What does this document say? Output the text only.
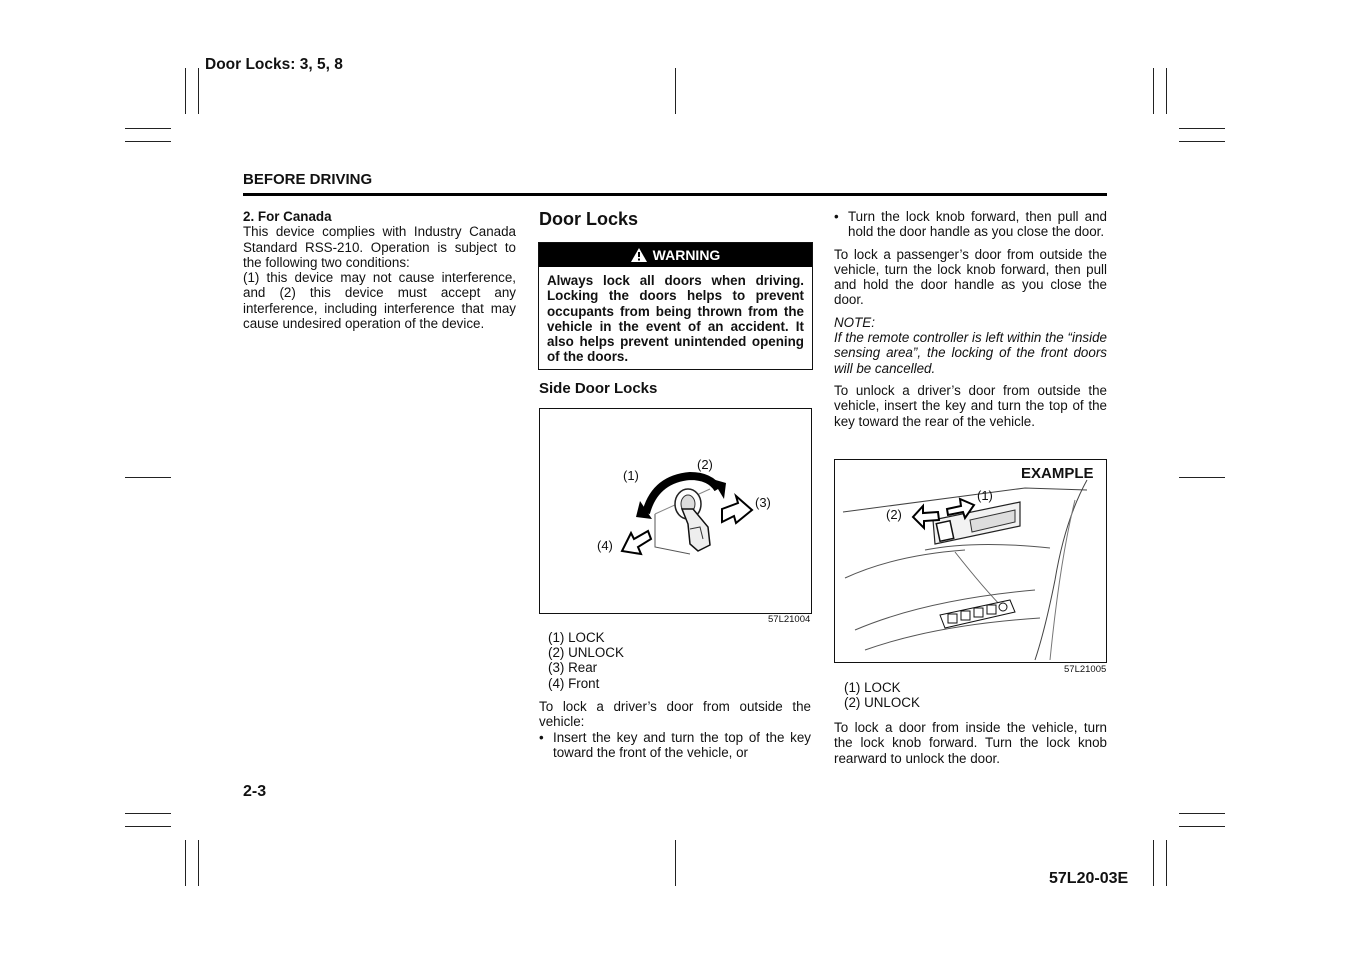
Door Locks: 3, 5, 8
BEFORE DRIVING

2. For Canada

This device complies with Industry Canada Standard RSS-210. Operation is subject to the following two conditions:

(1) this device may not cause interference, and (2) this device must accept any interference, including interference that may cause undesired operation of the device.

Door Locks
WARNING
Always lock all doors when driving. Locking the doors helps to prevent occupants from being thrown from the vehicle in the event of an accident. It also helps prevent unintended opening of the doors.
Side Door Locks
(1)
(2)
(3)
(4)
57L21004
(1) LOCK
(2) UNLOCK
(3) Rear
(4) Front

To lock a driver’s door from outside the vehicle:

• Insert the key and turn the top of the key toward the front of the vehicle, or
• Turn the lock knob forward, then pull and hold the door handle as you close the door.

To lock a passenger’s door from outside the vehicle, turn the lock knob forward, then pull and hold the door handle as you close the door.

NOTE:

If the remote controller is left within the “inside sensing area”, the locking of the front doors will be cancelled.

To unlock a driver’s door from outside the vehicle, insert the key and turn the top of the key toward the rear of the vehicle.

EXAMPLE
(1)
(2)
57L21005
(1) LOCK
(2) UNLOCK

To lock a door from inside the vehicle, turn the lock knob forward. Turn the lock knob rearward to unlock the door.

2-3
57L20-03E
